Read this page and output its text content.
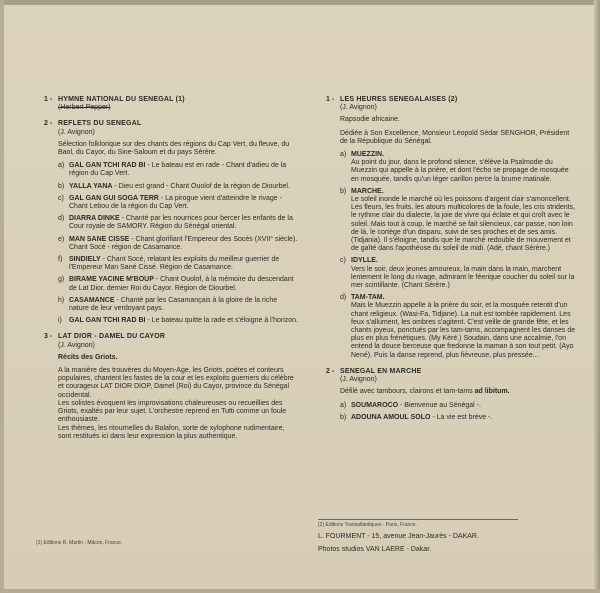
1 - HYMNE NATIONAL DU SENEGAL (1)
(Herbert Pepper)
2 - REFLETS DU SENEGAL
(J. Avignon)
Sélection folklorique sur des chants des régions du Cap Vert, du fleuve, du Baol, du Cayor, du Sine-Saloum et du pays Sérère.
a) GAL GAN TCHI RAD BI - Le bateau est en rade - Chant d'adieu de la région du Cap Vert.
b) YALLA YANA - Dieu est grand - Chant Ouolof de la région de Diourbel.
c) GAL GAN GUI SOGA TERR - La pirogue vient d'atteindre le rivage - Chant Lebou de la région du Cap Vert.
d) DIARRA DINKE - Chanté par les nourrices pour bercer les enfants de la Cour royale de SAMORY. Région du Sénégal oriental.
e) MAN SANE CISSE - Chant glorifiant l'Empereur des Socés (XVII° siècle). Chant Socé - région de Casamance.
f) SINDIELY - Chant Socé, relatant les exploits du meilleur guerrier de l'Empereur Man Sané Cissé. Région de Casamance.
g) BIRAME YACINE M'BOUP - Chant Ouolof, à la mémoire du descendant de Lat Dior, dernier Roi du Cayor. Région de Diourbel.
h) CASAMANCE - Chanté par les Casamançais à la gloire de la riche nature de leur verdoyant pays.
i) GAL GAN TCHI RAD BI - Le bateau quitte la rade et s'éloigne à l'horizon.
3 - LAT DIOR - DAMEL DU CAYOR
(J. Avignon)
Récits des Griots.
A la manière des trouvères du Moyen-Age, les Griots, poètes et conteurs populaires, chantent les fastes de la cour et les exploits guerriers du célèbre et courageux LAT DIOR DIOP, Damel (Roi) du Cayor, province du Sénégal occidental.
Les solistes évoquent les improvisations chaleureuses ou recueillies des Griots, exaltés par leur sujet. L'orchestre reprend en Tutti comme un foule enthousiaste.
Les thèmes, les ritournelles du Balafon, sorte de xylophone rudimentaire, sont restitués ici dans leur expression la plus authentique.
(1) Editions R. Martin - Mâcon, France.
1 - LES HEURES SENEGALAISES (2)
(J. Avignon)
Rapsodie africaine.
Dédiée à Son Excellence, Monsieur Léopold Sédar SENGHOR, Président de la République du Sénégal.
a) MUEZZIN.
Au point du jour, dans le profond silence, s'élève la Psalmodie du Muezzin qui appelle à la prière, et dont l'écho se propage de mosquée en mosquée, tandis qu'un léger carillon perce la brume matinale.
b) MARCHE.
Le soleil inonde le marché où les poissons d'argent clair s'amoncellent. Les fleurs, les fruits, les atours multicolores de la foule, les cris stridents, le rythme clair du dialecte, la joie de vivre qui éclate et qui croît avec le soleil. Mais tout à coup, le marché se fait silencieux, car passe, non loin de là, le cortège d'un disparu, suivi de ses proches et de ses amis. (Tidjania). Il s'éloigne, tandis que le marché redouble de mouvement et de gaîté dans l'apothéose du soleil de midi. (Adé, chant Sérère.)
c) IDYLLE.
Vers le soir, deux jeunes amoureux, la main dans la main, marchent lentement le long du rivage, admirant le féerique coucher du soleil sur la mer scintillante. (Chant Sérère.)
d) TAM-TAM.
Mais le Muezzin appelle à la prière du soir, et la mosquée retentit d'un chant religieux. (Wasi-Fa, Tidjane). La nuit est tombée rapidement. Les feux s'allument, les ombres s'agitent. C'est veille de grande fête, et les chants joyeux, ponctués par les tam-tams, accompagnent les danses de plus en plus frénétiques. (My Kéré.) Soudain, dans une accalmie, l'on entend la douce berceuse que fredonne la maman à son tout petit. (Ayo Nené). Puis la danse reprend, plus fiévreuse, plus pressée...
2 - SENEGAL EN MARCHE
(J. Avignon)
Défilé avec tambours, clairons et tam-tams ad libitum.
a) SOUMAROCO - Bienvenue au Sénégal -.
b) ADOUNA AMOUL SOLO - La vie est brève -.
(2) Editions Transatlantiques - Paris, France.
L. FOURMENT - 15, avenue Jean-Jaurès - DAKAR.
Photos studios VAN LAERE - Dakar.
